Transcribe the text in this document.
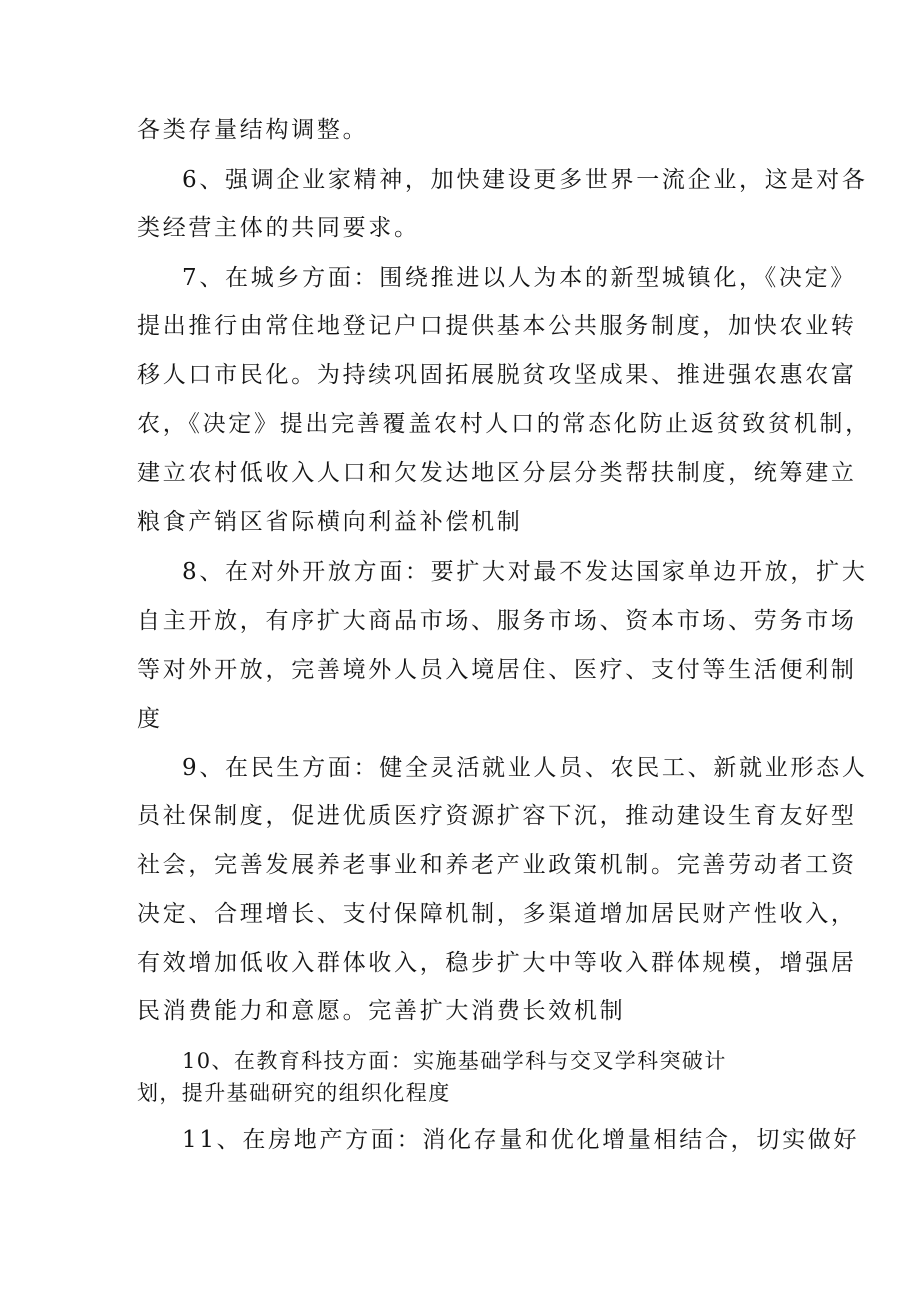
各类存量结构调整。
6、强调企业家精神，加快建设更多世界一流企业，这是对各
类经营主体的共同要求。
7、在城乡方面：围绕推进以人为本的新型城镇化，《决定》
提出推行由常住地登记户口提供基本公共服务制度，加快农业转
移人口市民化。为持续巩固拓展脱贫攻坚成果、推进强农惠农富
农，《决定》提出完善覆盖农村人口的常态化防止返贫致贫机制，
建立农村低收入人口和欠发达地区分层分类帮扶制度，统筹建立
粮食产销区省际横向利益补偿机制
8、在对外开放方面：要扩大对最不发达国家单边开放，扩大
自主开放，有序扩大商品市场、服务市场、资本市场、劳务市场
等对外开放，完善境外人员入境居住、医疗、支付等生活便利制
度
9、在民生方面：健全灵活就业人员、农民工、新就业形态人
员社保制度，促进优质医疗资源扩容下沉，推动建设生育友好型
社会，完善发展养老事业和养老产业政策机制。完善劳动者工资
决定、合理增长、支付保障机制，多渠道增加居民财产性收入，
有效增加低收入群体收入，稳步扩大中等收入群体规模，增强居
民消费能力和意愿。完善扩大消费长效机制
10、在教育科技方面：实施基础学科与交叉学科突破计
划，提升基础研究的组织化程度
11、在房地产方面：消化存量和优化增量相结合，切实做好
